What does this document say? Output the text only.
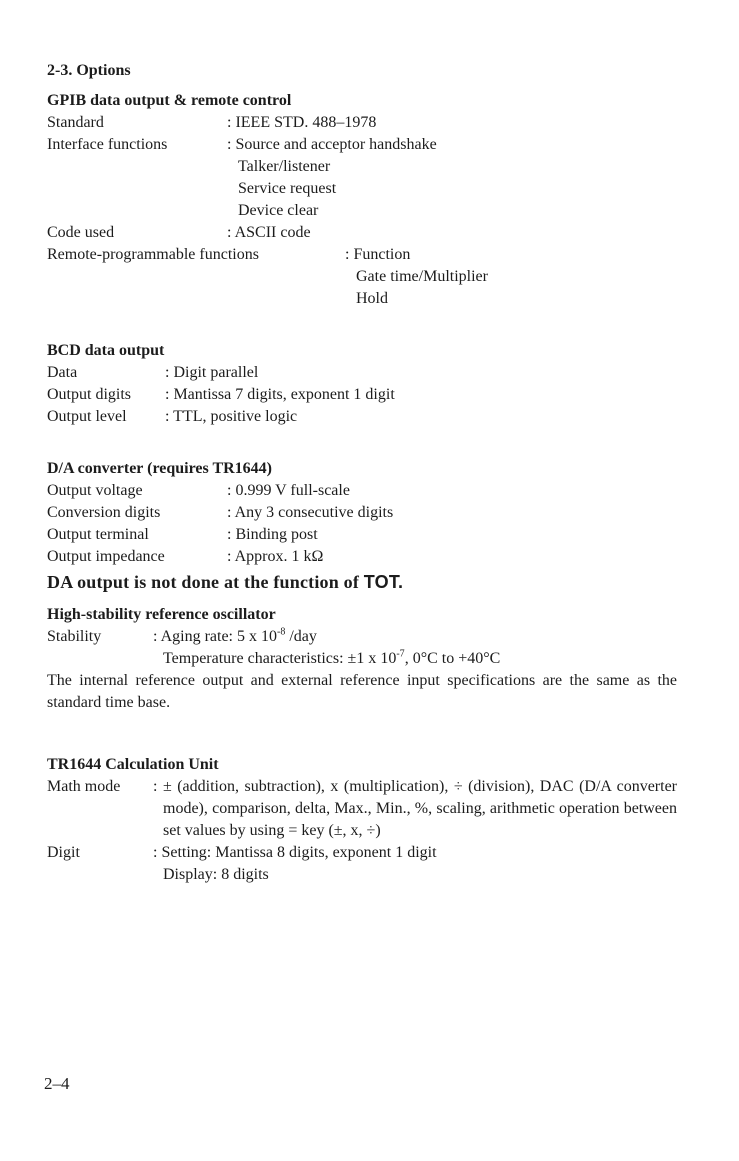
2-3. Options
GPIB data output & remote control
Standard	: IEEE STD. 488–1978
Interface functions	: Source and acceptor handshake
Talker/listener
Service request
Device clear
Code used	: ASCII code
Remote-programmable functions	: Function
Gate time/Multiplier
Hold
BCD data output
Data	: Digit parallel
Output digits	: Mantissa 7 digits, exponent 1 digit
Output level	: TTL, positive logic
D/A converter (requires TR1644)
Output voltage	: 0.999 V full-scale
Conversion digits	: Any 3 consecutive digits
Output terminal	: Binding post
Output impedance	: Approx. 1 kΩ
DA output is not done at the function of TOT.
High-stability reference oscillator
Stability	: Aging rate: 5 x $10^{-8}$ /day
Temperature characteristics: ±1 x $10^{-7}$, 0°C to +40°C

The internal reference output and external reference input specifications are the same as the standard time base.

TR1644 Calculation Unit
Math mode	: ± (addition, subtraction), x (multiplication), ÷ (division), DAC (D/A converter mode), comparison, delta, Max., Min., %, scaling, arithmetic operation between set values by using = key (±, x, ÷)
Digit	: Setting: Mantissa 8 digits, exponent 1 digit
Display: 8 digits
2–4
